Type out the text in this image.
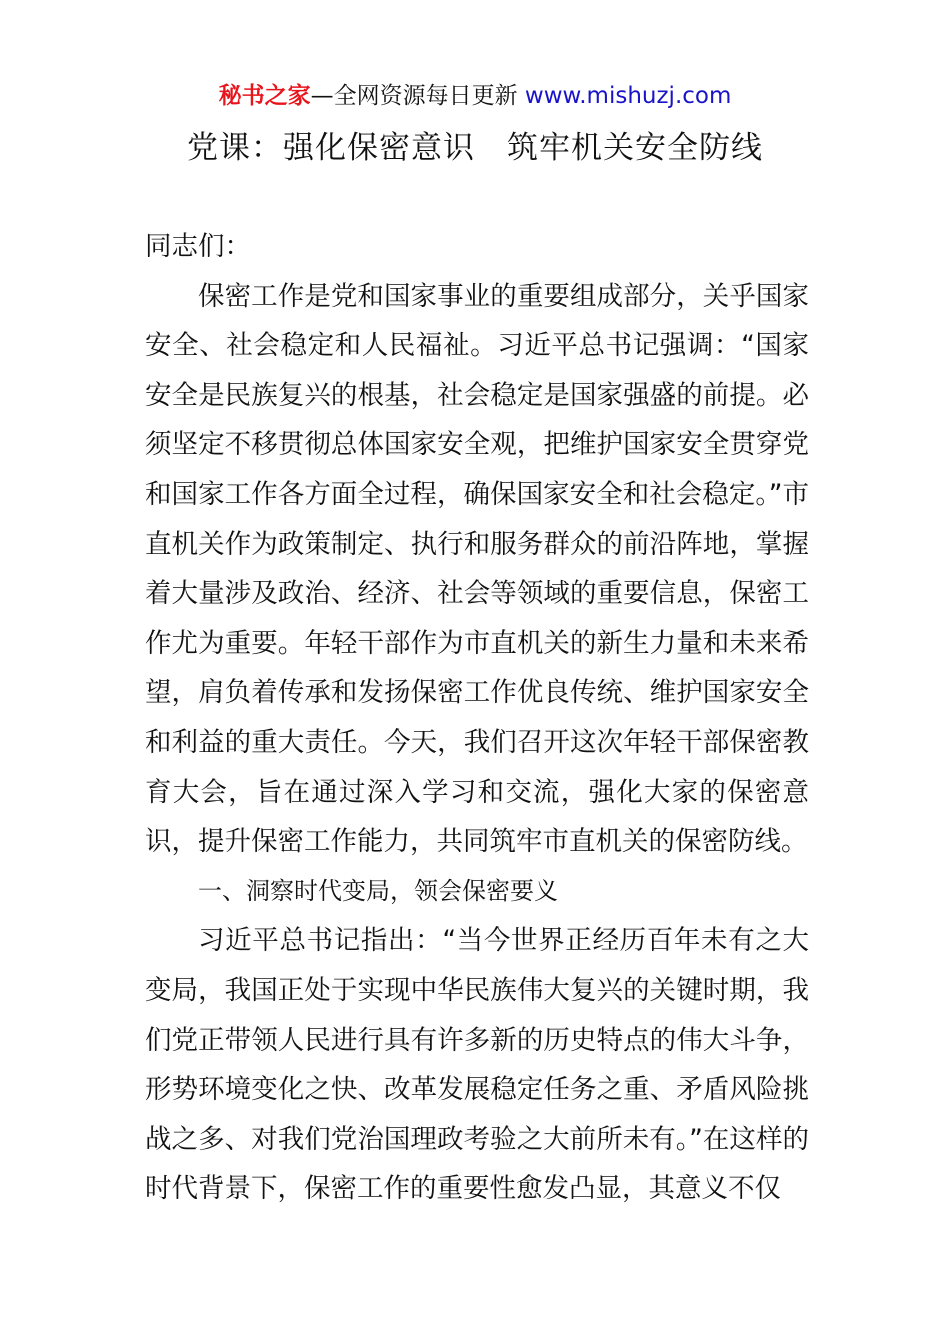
秘书之家—全网资源每日更新 www.mishuzj.com
党课：强化保密意识　筑牢机关安全防线

同志们：

保密工作是党和国家事业的重要组成部分，关乎国家安全、社会稳定和人民福祉。习近平总书记强调：“国家安全是民族复兴的根基，社会稳定是国家强盛的前提。必须坚定不移贯彻总体国家安全观，把维护国家安全贯穿党和国家工作各方面全过程，确保国家安全和社会稳定。”市直机关作为政策制定、执行和服务群众的前沿阵地，掌握着大量涉及政治、经济、社会等领域的重要信息，保密工作尤为重要。年轻干部作为市直机关的新生力量和未来希望，肩负着传承和发扬保密工作优良传统、维护国家安全和利益的重大责任。今天，我们召开这次年轻干部保密教育大会，旨在通过深入学习和交流，强化大家的保密意识，提升保密工作能力，共同筑牢市直机关的保密防线。

一、洞察时代变局，领会保密要义

习近平总书记指出：“当今世界正经历百年未有之大变局，我国正处于实现中华民族伟大复兴的关键时期，我们党正带领人民进行具有许多新的历史特点的伟大斗争，形势环境变化之快、改革发展稳定任务之重、矛盾风险挑战之多、对我们党治国理政考验之大前所未有。”在这样的时代背景下，保密工作的重要性愈发凸显，其意义不仅
